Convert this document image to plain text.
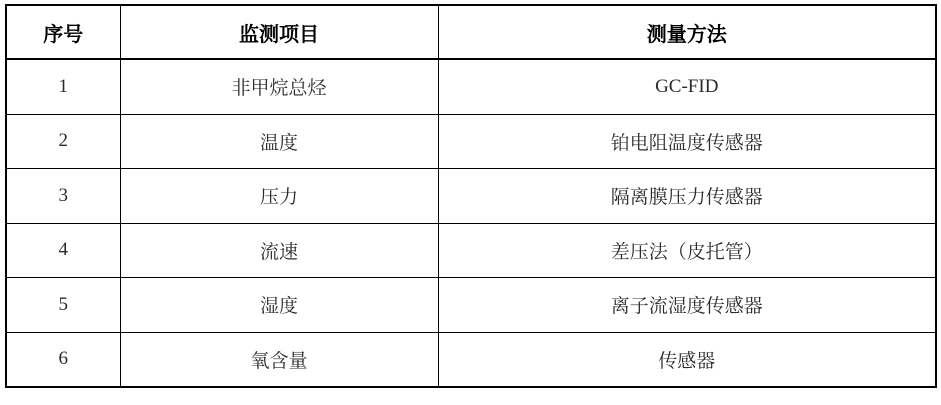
序号	监测项目	测量方法
1	非甲烷总烃	GC-FID
2	温度	铂电阻温度传感器
3	压力	隔离膜压力传感器
4	流速	差压法（皮托管）
5	湿度	离子流湿度传感器
6	氧含量	传感器
